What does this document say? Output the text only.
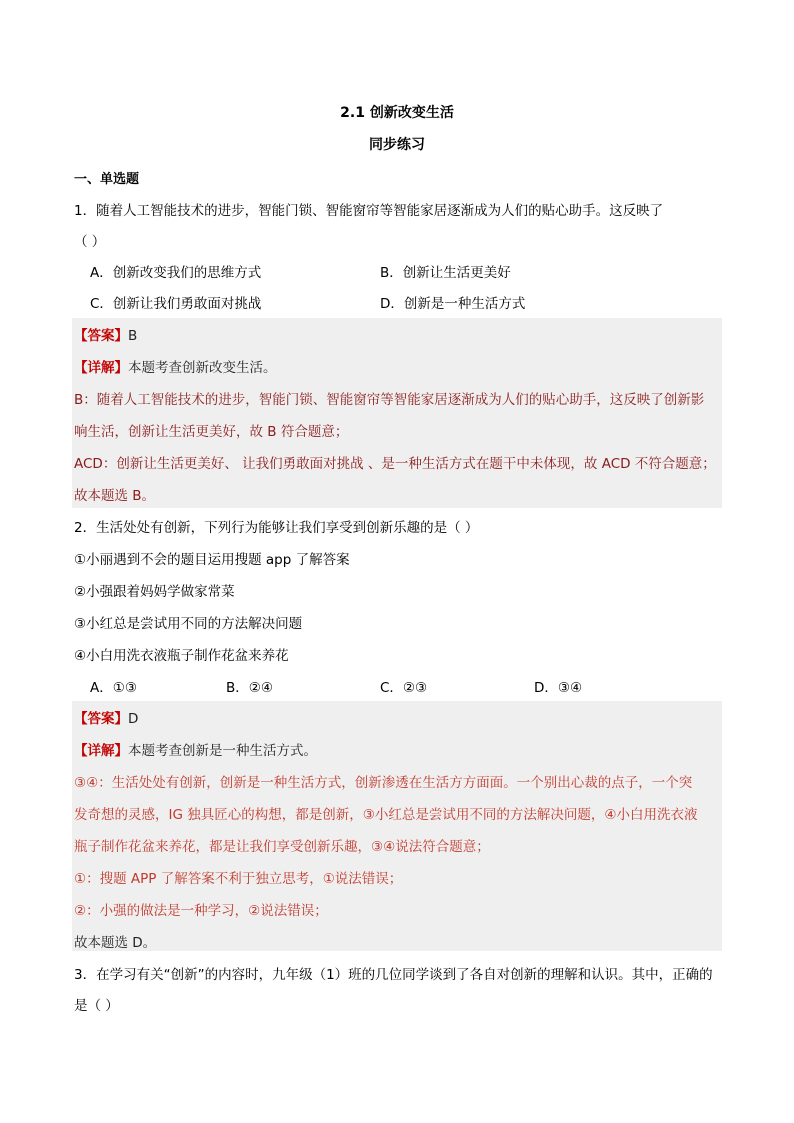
2.1 创新改变生活
同步练习
一、单选题
1．随着人工智能技术的进步，智能门锁、智能窗帘等智能家居逐渐成为人们的贴心助手。这反映了
（ ）
A．创新改变我们的思维方式	B．创新让生活更美好
C．创新让我们勇敢面对挑战	D．创新是一种生活方式
【答案】B
【详解】本题考查创新改变生活。
B：随着人工智能技术的进步，智能门锁、智能窗帘等智能家居逐渐成为人们的贴心助手，这反映了创新影
响生活，创新让生活更美好，故 B 符合题意；
ACD：创新让生活更美好、 让我们勇敢面对挑战 、是一种生活方式在题干中未体现，故 ACD 不符合题意；
故本题选 B。
2．生活处处有创新，下列行为能够让我们享受到创新乐趣的是（ ）
①小丽遇到不会的题目运用搜题 app 了解答案
②小强跟着妈妈学做家常菜
③小红总是尝试用不同的方法解决问题
④小白用洗衣液瓶子制作花盆来养花
A．①③	B．②④	C．②③	D．③④
【答案】D
【详解】本题考查创新是一种生活方式。
③④：生活处处有创新，创新是一种生活方式，创新渗透在生活方方面面。一个别出心裁的点子，一个突
发奇想的灵感，IG 独具匠心的构想，都是创新，③小红总是尝试用不同的方法解决问题，④小白用洗衣液
瓶子制作花盆来养花，都是让我们享受创新乐趣，③④说法符合题意；
①：搜题 APP 了解答案不利于独立思考，①说法错误；
②：小强的做法是一种学习，②说法错误；
故本题选 D。
3．在学习有关“创新”的内容时，九年级（1）班的几位同学谈到了各自对创新的理解和认识。其中，正确的
是（ ）
